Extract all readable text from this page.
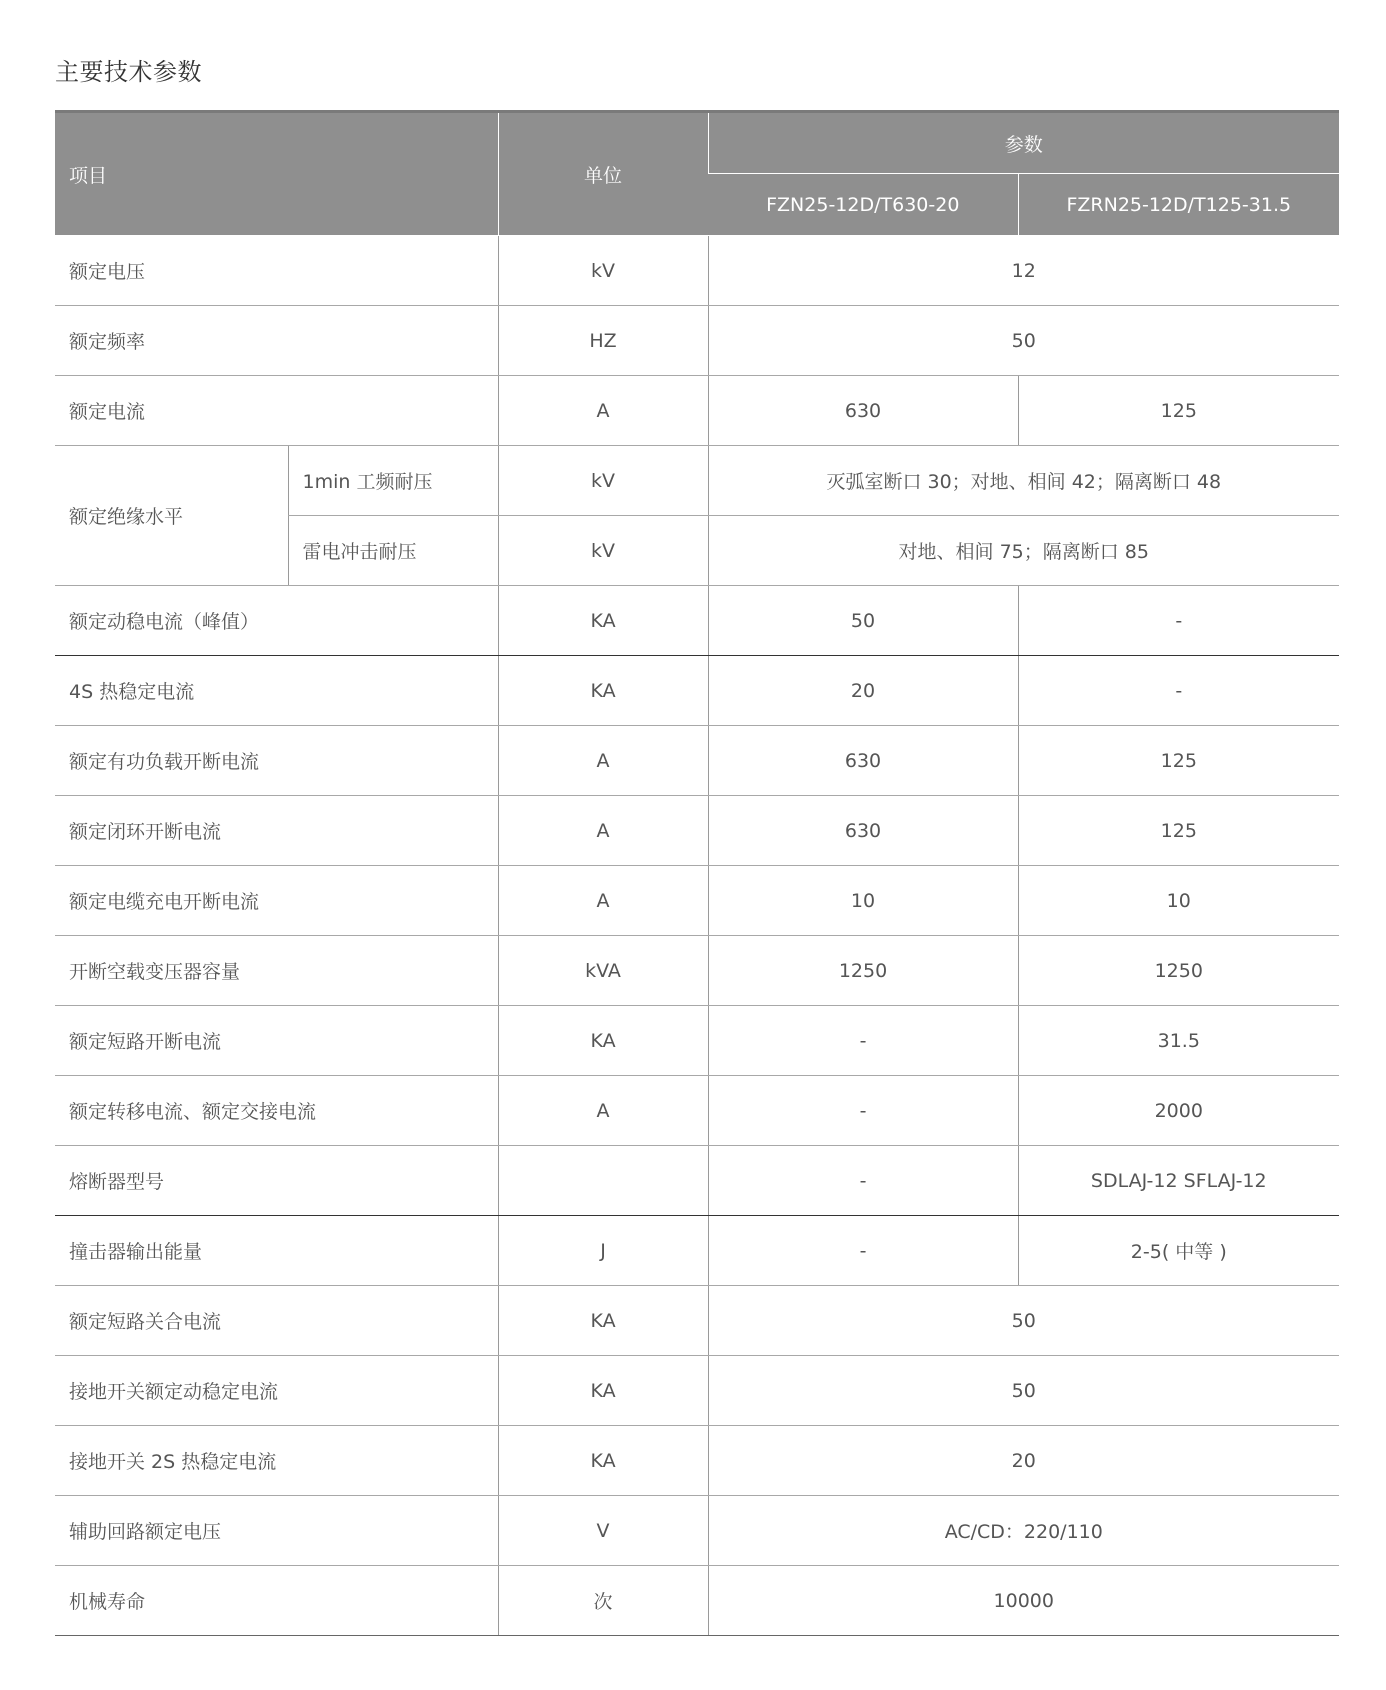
主要技术参数
项目		单位	参数	
			FZN25-12D/T630-20	FZRN25-12D/T125-31.5
额定电压		kV	12	
额定频率		HZ	50	
额定电流		A	630	125
额定绝缘水平	1min 工频耐压	kV	灭弧室断口 30；对地、相间 42；隔离断口 48	
	雷电冲击耐压	kV	对地、相间 75；隔离断口 85	
额定动稳电流（峰值）		KA	50	-
4S 热稳定电流		KA	20	-
额定有功负载开断电流		A	630	125
额定闭环开断电流		A	630	125
额定电缆充电开断电流		A	10	10
开断空载变压器容量		kVA	1250	1250
额定短路开断电流		KA	-	31.5
额定转移电流、额定交接电流		A	-	2000
熔断器型号			-	SDLAJ-12 SFLAJ-12
撞击器输出能量		J	-	2-5( 中等 )
额定短路关合电流		KA	50	
接地开关额定动稳定电流		KA	50	
接地开关 2S 热稳定电流		KA	20	
辅助回路额定电压		V	AC/CD：220/110	
机械寿命		次	10000	
